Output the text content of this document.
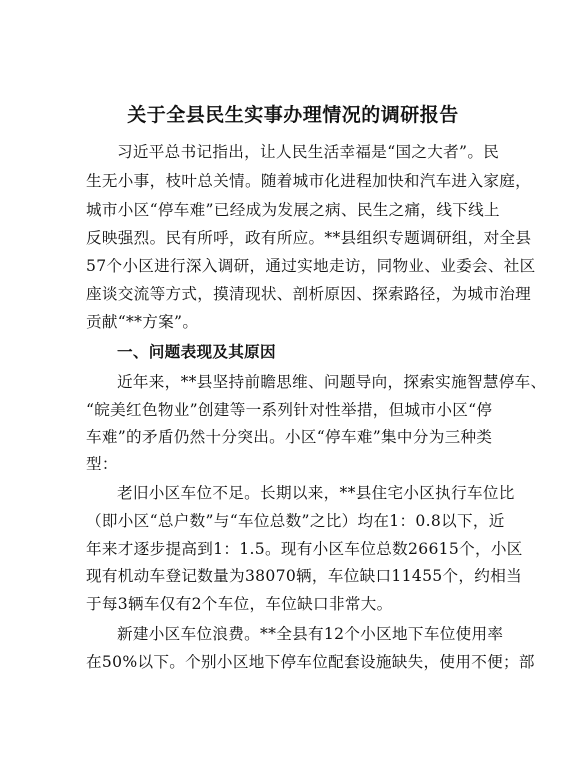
关于全县民生实事办理情况的调研报告
习近平总书记指出，让人民生活幸福是“国之大者”。民
生无小事，枝叶总关情。随着城市化进程加快和汽车进入家庭，
城市小区“停车难”已经成为发展之病、民生之痛，线下线上
反映强烈。民有所呼，政有所应。**县组织专题调研组，对全县
57个小区进行深入调研，通过实地走访，同物业、业委会、社区
座谈交流等方式，摸清现状、剖析原因、探索路径，为城市治理
贡献“**方案”。
一、问题表现及其原因
近年来，**县坚持前瞻思维、问题导向，探索实施智慧停车、
“皖美红色物业”创建等一系列针对性举措，但城市小区“停
车难”的矛盾仍然十分突出。小区“停车难”集中分为三种类
型：
老旧小区车位不足。长期以来，**县住宅小区执行车位比
（即小区“总户数”与“车位总数”之比）均在1：0.8以下，近
年来才逐步提高到1：1.5。现有小区车位总数26615个，小区
现有机动车登记数量为38070辆，车位缺口11455个，约相当
于每3辆车仅有2个车位，车位缺口非常大。
新建小区车位浪费。**全县有12个小区地下车位使用率
在50%以下。个别小区地下停车位配套设施缺失，使用不便；部
